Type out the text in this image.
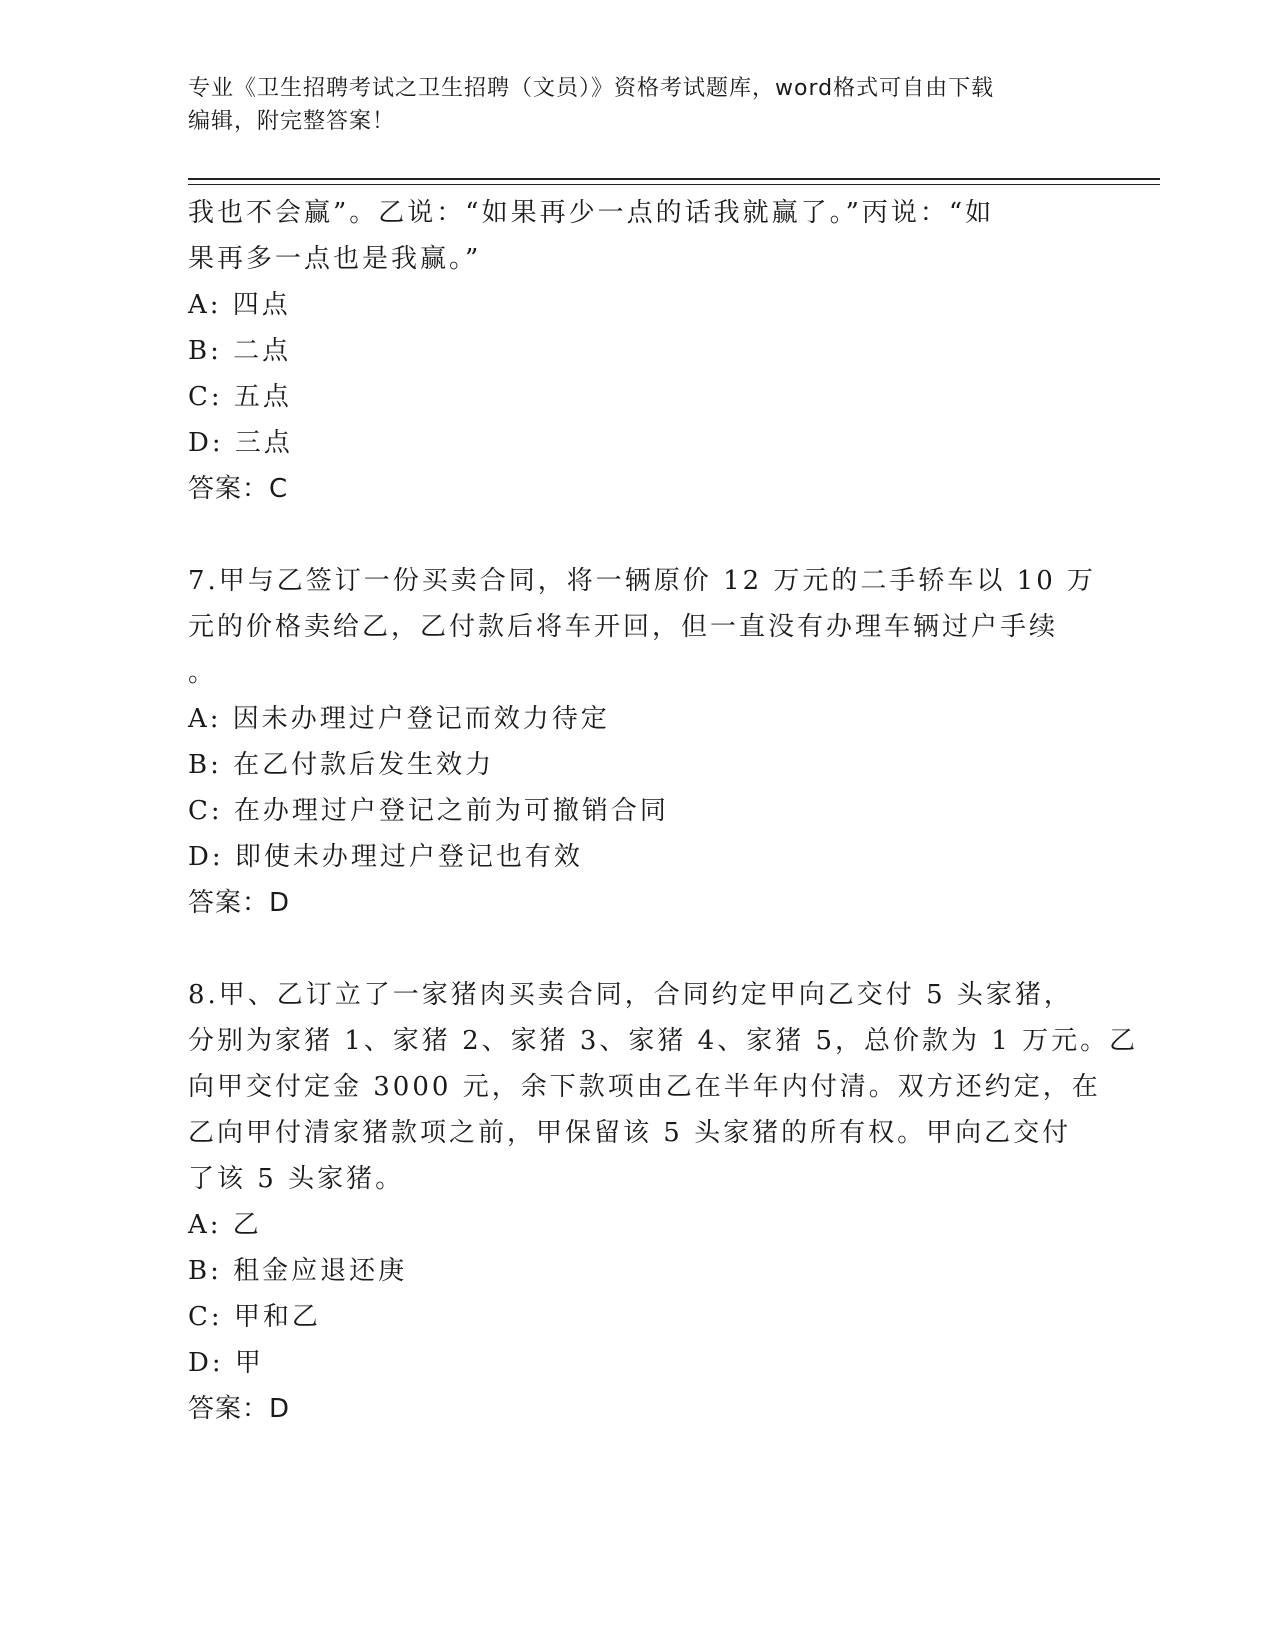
专业《卫生招聘考试之卫生招聘（文员）》资格考试题库，word格式可自由下载
编辑，附完整答案！
我也不会赢”。乙说：“如果再少一点的话我就赢了。”丙说：“如
果再多一点也是我赢。”
A: 四点
B: 二点
C: 五点
D: 三点
答案：C
7.甲与乙签订一份买卖合同，将一辆原价 12 万元的二手轿车以 10 万
元的价格卖给乙，乙付款后将车开回，但一直没有办理车辆过户手续
。
A: 因未办理过户登记而效力待定
B: 在乙付款后发生效力
C: 在办理过户登记之前为可撤销合同
D: 即使未办理过户登记也有效
答案：D
8.甲、乙订立了一家猪肉买卖合同，合同约定甲向乙交付 5 头家猪，
分别为家猪 1、家猪 2、家猪 3、家猪 4、家猪 5，总价款为 1 万元。乙
向甲交付定金 3000 元，余下款项由乙在半年内付清。双方还约定，在
乙向甲付清家猪款项之前，甲保留该 5 头家猪的所有权。甲向乙交付
了该 5 头家猪。
A: 乙
B: 租金应退还庚
C: 甲和乙
D: 甲
答案：D
